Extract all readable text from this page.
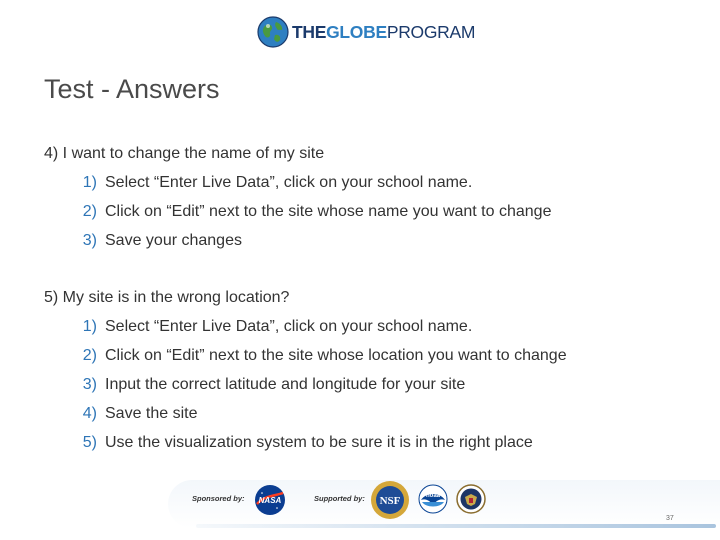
THEGLOBEPROGRAM
Test - Answers

4) I want to change the name of my site

1) Select “Enter Live Data”, click on your school name.
2) Click on “Edit” next to the site whose name you want to change
3) Save your changes

5) My site is in the wrong location?

1) Select “Enter Live Data”, click on your school name.
2) Click on “Edit” next to the site whose location you want to change
3) Input the correct latitude and longitude for your site
4) Save the site
5) Use the visualization system to be sure it is in the right place
Sponsored by: NASA	Supported by: NSF	noaa
37
